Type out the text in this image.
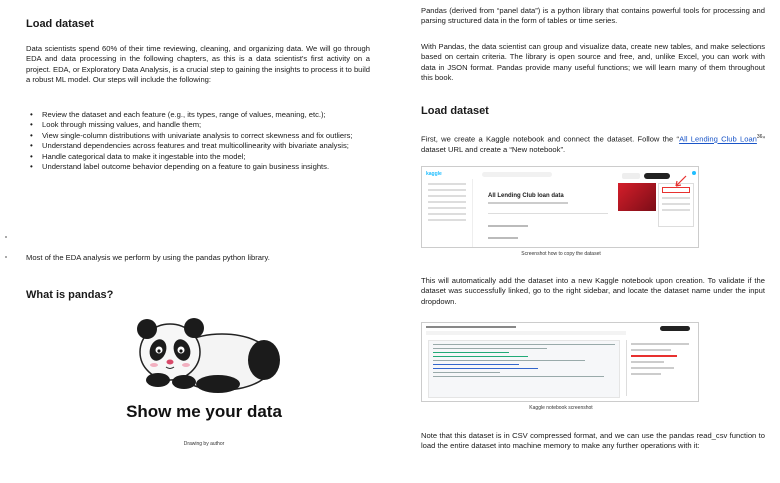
Load dataset

Data scientists spend 60% of their time reviewing, cleaning, and organizing data. We will go through EDA and data processing in the following chapters, as this is a data scientist's first activity on a project. EDA, or Exploratory Data Analysis, is a crucial step to gaining the insights to process it to build a robust ML model. Our steps will include the following:

• Review the dataset and each feature (e.g., its types, range of values, meaning, etc.);
• Look through missing values, and handle them;
• View single-column distributions with univariate analysis to correct skewness and fix outliers;
• Understand dependencies across features and treat multicollinearity with bivariate analysis;
• Handle categorical data to make it ingestable into the model;
• Understand label outcome behavior depending on a feature to gain business insights.

Most of the EDA analysis we perform by using the pandas python library.

What is pandas?
Show me your data
Drawing by author

Pandas (derived from “panel data”) is a python library that contains powerful tools for processing and parsing structured data in the form of tables or time series.

With Pandas, the data scientist can group and visualize data, create new tables, and make selections based on certain criteria. The library is open source and free, and, unlike Excel, you can work with data in JSON format. Pandas provide many useful functions; we will learn many of them throughout this book.

Load dataset

First, we create a Kaggle notebook and connect the dataset. Follow the “All Lending Club Loan$^{36}$” dataset URL and create a “New notebook”.

kaggle
All Lending Club loan data
Screenshot how to copy the dataset

This will automatically add the dataset into a new Kaggle notebook upon creation. To validate if the dataset was successfully linked, go to the right sidebar, and locate the dataset name under the input dropdown.

Kaggle notebook screenshot

Note that this dataset is in CSV compressed format, and we can use the pandas read_csv function to load the entire dataset into machine memory to make any further operations with it:
